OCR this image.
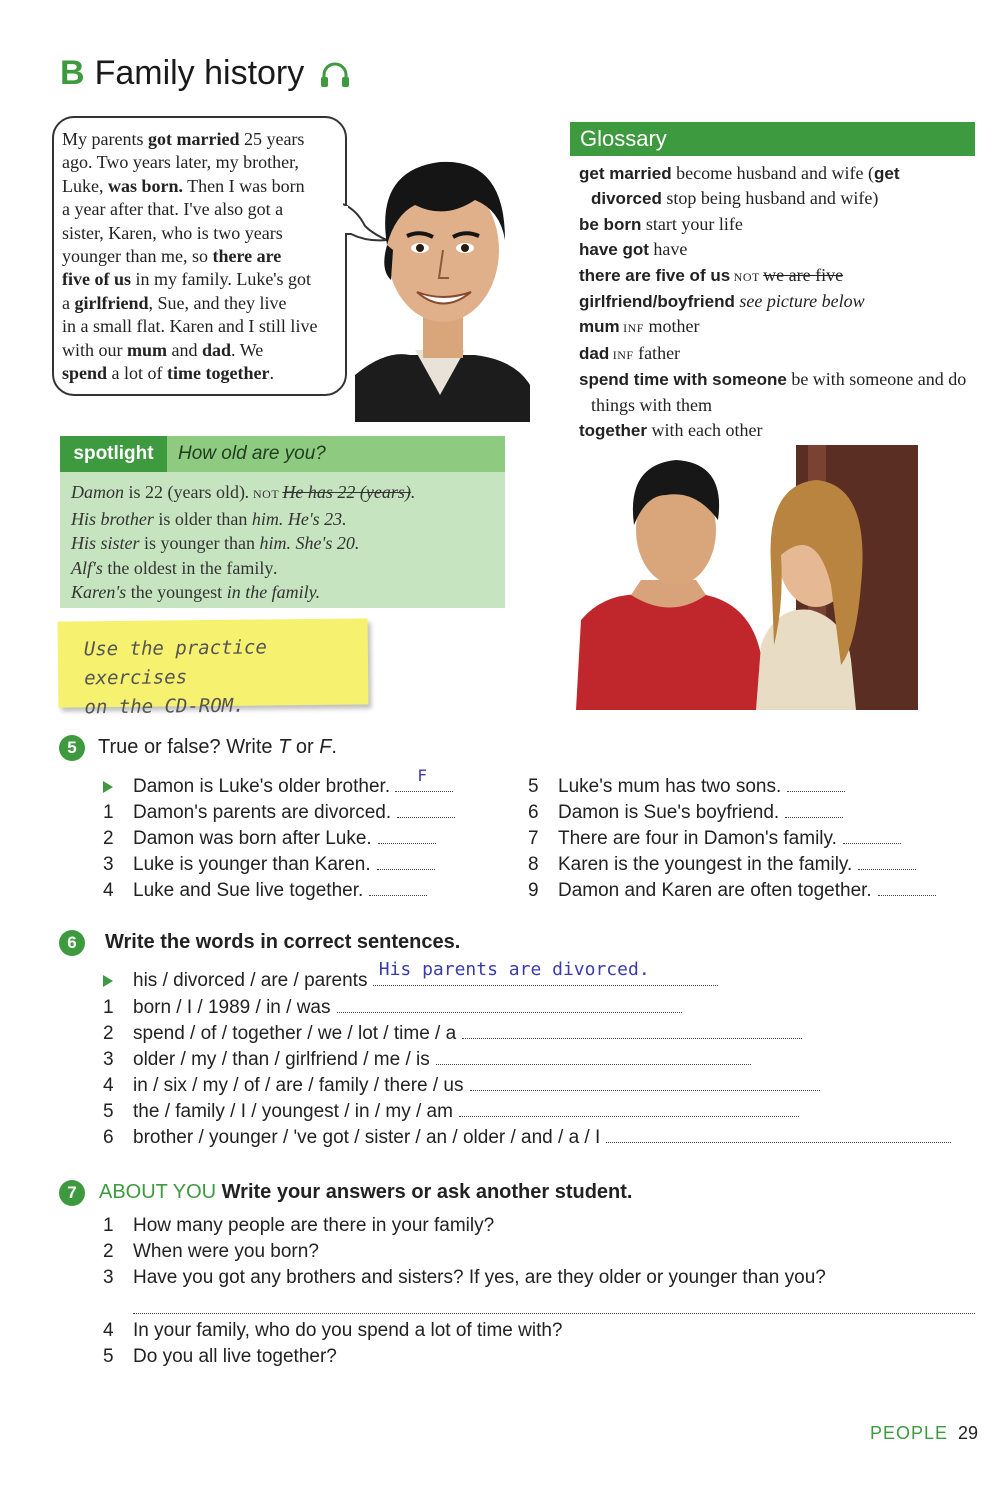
B Family history
My parents got married 25 years
ago. Two years later, my brother,
Luke, was born. Then I was born
a year after that. I've also got a
sister, Karen, who is two years
younger than me, so there are
five of us in my family. Luke's got
a girlfriend, Sue, and they live
in a small flat. Karen and I still live
with our mum and dad. We
spend a lot of time together.
Glossary
get married become husband and wife (get divorced stop being husband and wife)
be born start your life
have got have
there are five of us NOT we are five
girlfriend/boyfriend see picture below
mum INF mother
dad INF father
spend time with someone be with someone and do things with them
together with each other
spotlight	How old are you?
Damon is 22 (years old). NOT He has 22 (years).
His brother is older than him. He's 23.
His sister is younger than him. She's 20.
Alf's the oldest in the family.
Karen's the youngest in the family.
Use the practice exercises
on the CD-ROM.
5	True or false? Write T or F.
Damon is Luke's older brother.
F
1 Damon's parents are divorced.
2 Damon was born after Luke.
3 Luke is younger than Karen.
4 Luke and Sue live together.
5 Luke's mum has two sons.
6 Damon is Sue's boyfriend.
7 There are four in Damon's family.
8 Karen is the youngest in the family.
9 Damon and Karen are often together.
6	Write the words in correct sentences.
his / divorced / are / parents
His parents are divorced.
1 born / I / 1989 / in / was
2 spend / of / together / we / lot / time / a
3 older / my / than / girlfriend / me / is
4 in / six / my / of / are / family / there / us
5 the / family / I / youngest / in / my / am
6 brother / younger / 've got / sister / an / older / and / a / I
7	ABOUT YOU Write your answers or ask another student.
1 How many people are there in your family?
2 When were you born?
3 Have you got any brothers and sisters? If yes, are they older or younger than you?
4 In your family, who do you spend a lot of time with?
5 Do you all live together?
PEOPLE 29
